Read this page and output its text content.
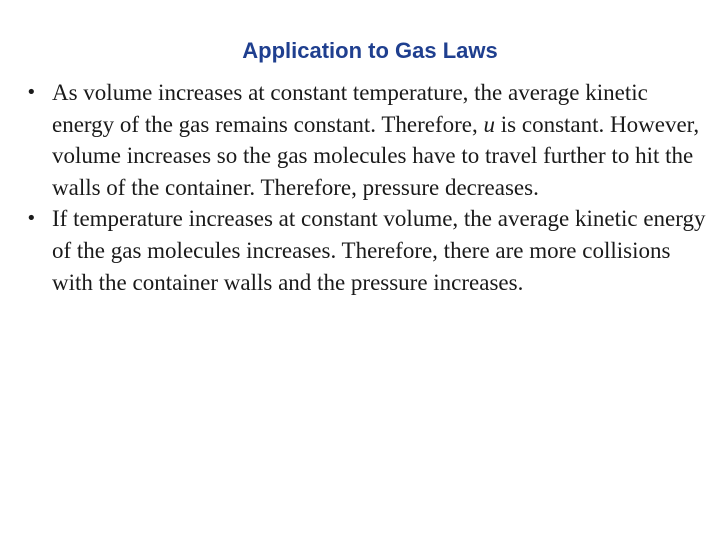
Application to Gas Laws
• As volume increases at constant temperature, the average kinetic energy of the gas remains constant. Therefore, u is constant. However, volume increases so the gas molecules have to travel further to hit the walls of the container. Therefore, pressure decreases.
• If temperature increases at constant volume, the average kinetic energy of the gas molecules increases. Therefore, there are more collisions with the container walls and the pressure increases.
